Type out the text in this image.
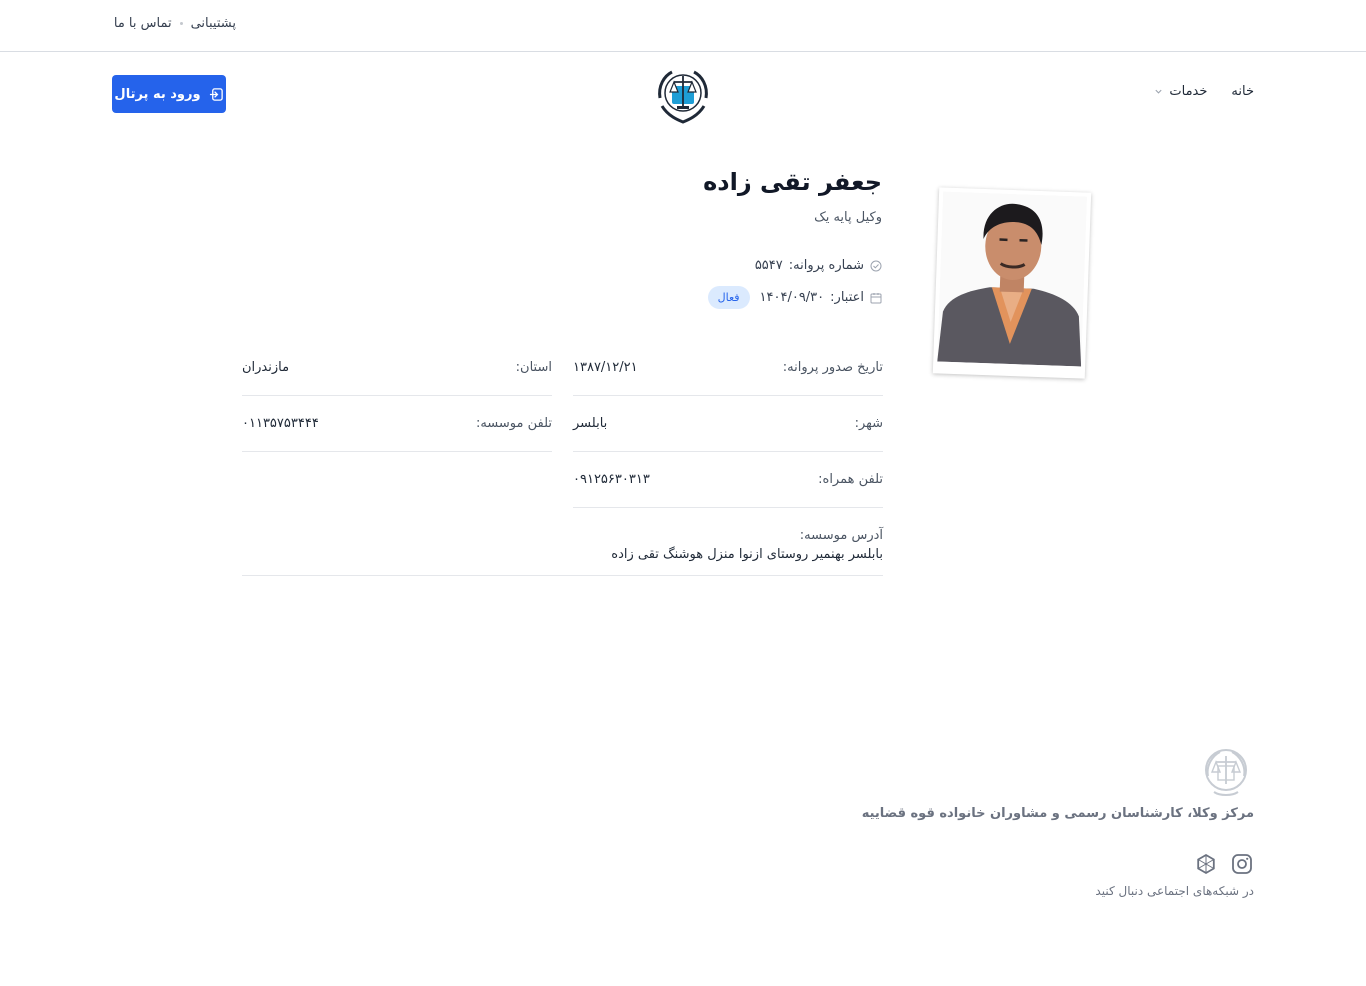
پشتیبانی
تماس با ما
خانه
خدمات
ورود به پرتال
جعفر تقی زاده
وکیل پایه یک
شماره پروانه:
۵۵۴۷
اعتبار:
۱۴۰۴/۰۹/۳۰
فعال
تاریخ صدور پروانه:
۱۳۸۷/۱۲/۲۱
استان:
مازندران
شهر:
بابلسر
تلفن موسسه:
۰۱۱۳۵۷۵۳۴۴۴
تلفن همراه:
۰۹۱۲۵۶۳۰۳۱۳
آدرس موسسه:
بابلسر بهنمیر روستای ازنوا منزل هوشنگ تقی زاده
مرکز وکلا، کارشناسان رسمی و مشاوران خانواده قوه قضاییه
در شبکه‌های اجتماعی دنبال کنید
